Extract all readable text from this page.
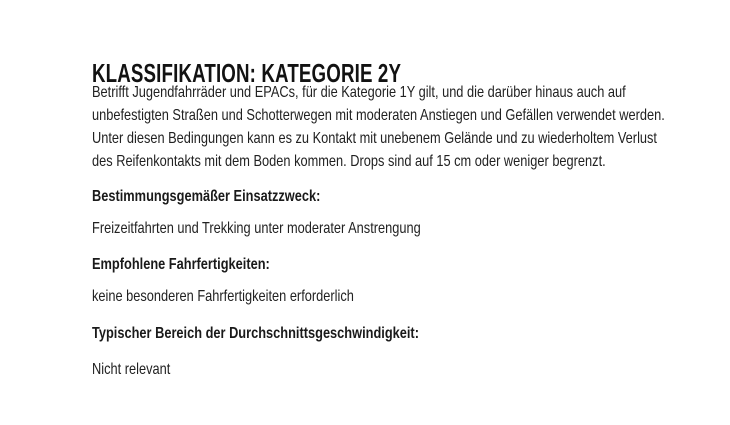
KLASSIFIKATION: KATEGORIE 2Y
Betrifft Jugendfahrräder und EPACs, für die Kategorie 1Y gilt, und die darüber hinaus auch auf
unbefestigten Straßen und Schotterwegen mit moderaten Anstiegen und Gefällen verwendet werden.
Unter diesen Bedingungen kann es zu Kontakt mit unebenem Gelände und zu wiederholtem Verlust
des Reifenkontakts mit dem Boden kommen. Drops sind auf 15 cm oder weniger begrenzt.
Bestimmungsgemäßer Einsatzzweck:
Freizeitfahrten und Trekking unter moderater Anstrengung
Empfohlene Fahrfertigkeiten:
keine besonderen Fahrfertigkeiten erforderlich
Typischer Bereich der Durchschnittsgeschwindigkeit:
Nicht relevant
